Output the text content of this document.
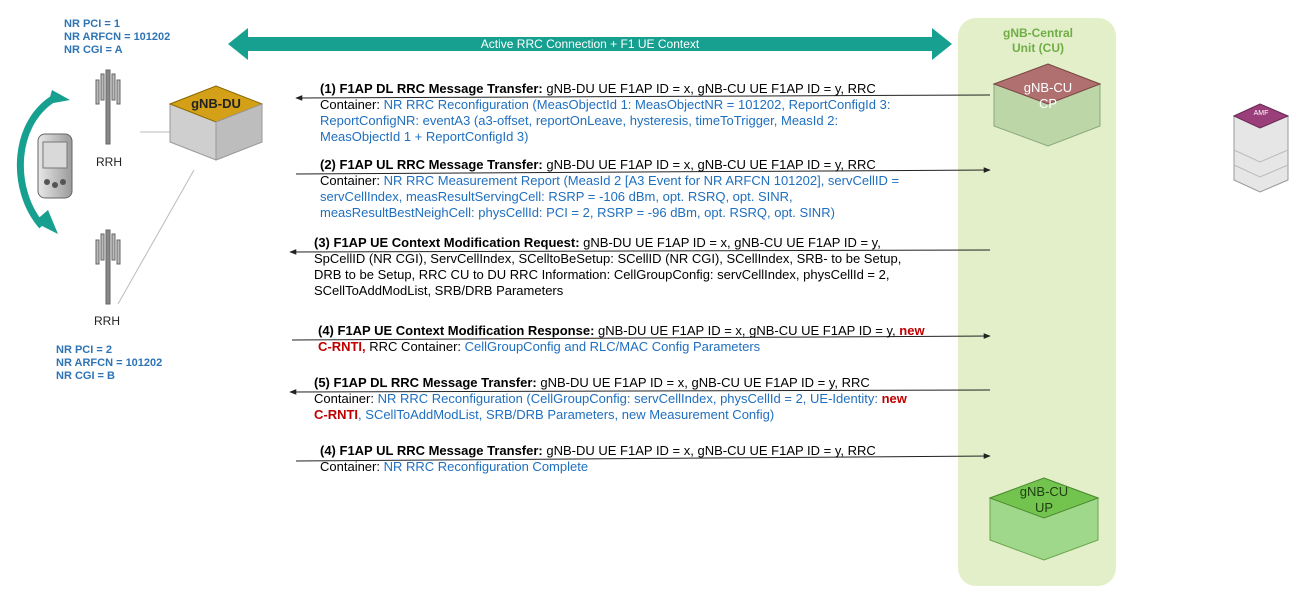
gNB-Central
Unit (CU)
Active RRC Connection + F1 UE Context
NR PCI = 1
NR ARFCN = 101202
NR CGI = A
NR PCI = 2
NR ARFCN = 101202
NR CGI = B
RRH
RRH
gNB-DU
gNB-CU
CP
gNB-CU
UP
AMF
(1) F1AP DL RRC Message Transfer: gNB-DU UE F1AP ID = x, gNB-CU UE F1AP ID = y, RRC
Container: NR RRC Reconfiguration (MeasObjectId 1: MeasObjectNR = 101202, ReportConfigId 3:
ReportConfigNR: eventA3 (a3-offset, reportOnLeave, hysteresis, timeToTrigger, MeasId 2:
MeasObjectId 1 + ReportConfigId 3)
(2) F1AP UL RRC Message Transfer: gNB-DU UE F1AP ID = x, gNB-CU UE F1AP ID = y, RRC
Container: NR RRC Measurement Report (MeasId 2 [A3 Event for NR ARFCN 101202], servCellID =
servCellIndex, measResultServingCell: RSRP = -106 dBm, opt. RSRQ, opt. SINR,
measResultBestNeighCell: physCellId: PCI = 2, RSRP = -96 dBm, opt. RSRQ, opt. SINR)
(3) F1AP UE Context Modification Request: gNB-DU UE F1AP ID = x, gNB-CU UE F1AP ID = y,
SpCellID (NR CGI), ServCellIndex, SCelltoBeSetup: SCellID (NR CGI), SCellIndex, SRB- to be Setup,
DRB to be Setup, RRC CU to DU RRC Information: CellGroupConfig: servCellIndex, physCellId = 2,
SCellToAddModList, SRB/DRB Parameters
(4) F1AP UE Context Modification Response: gNB-DU UE F1AP ID = x, gNB-CU UE F1AP ID = y, new
C-RNTI, RRC Container: CellGroupConfig and RLC/MAC Config Parameters
(5) F1AP DL RRC Message Transfer: gNB-DU UE F1AP ID = x, gNB-CU UE F1AP ID = y, RRC
Container: NR RRC Reconfiguration (CellGroupConfig: servCellIndex, physCellId = 2, UE-Identity: new
C-RNTI, SCellToAddModList, SRB/DRB Parameters, new Measurement Config)
(4) F1AP UL RRC Message Transfer: gNB-DU UE F1AP ID = x, gNB-CU UE F1AP ID = y, RRC
Container: NR RRC Reconfiguration Complete
